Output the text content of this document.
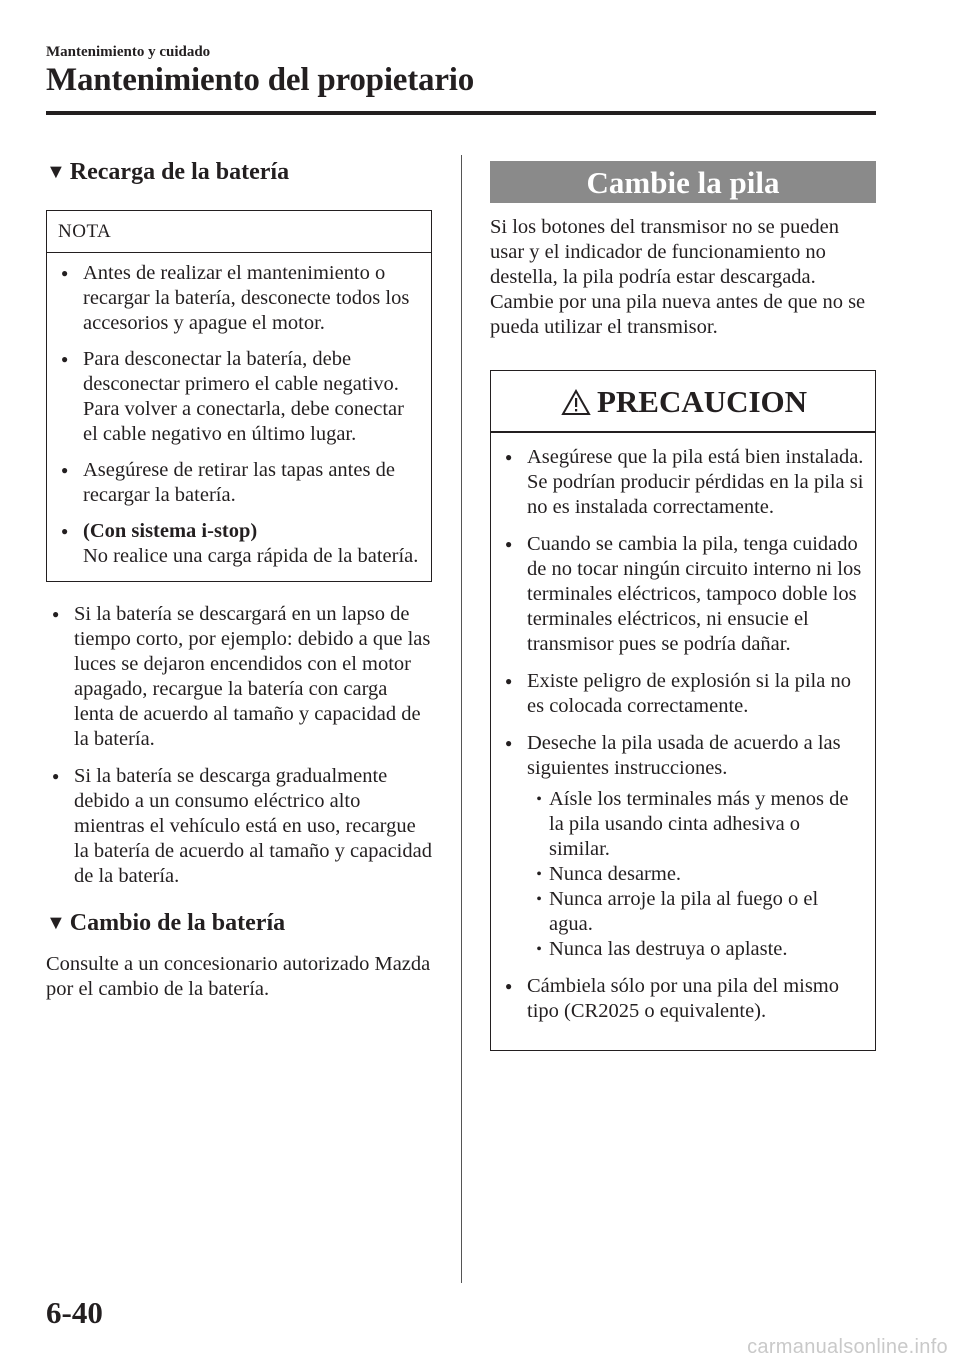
Mantenimiento y cuidado
Mantenimiento del propietario
▼ Recarga de la batería
NOTA
● Antes de realizar el mantenimiento o recargar la batería, desconecte todos los accesorios y apague el motor.
● Para desconectar la batería, debe desconectar primero el cable negativo. Para volver a conectarla, debe conectar el cable negativo en último lugar.
● Asegúrese de retirar las tapas antes de recargar la batería.
● (Con sistema i-stop)
No realice una carga rápida de la batería.
● Si la batería se descargará en un lapso de tiempo corto, por ejemplo: debido a que las luces se dejaron encendidos con el motor apagado, recargue la batería con carga lenta de acuerdo al tamaño y capacidad de la batería.
● Si la batería se descarga gradualmente debido a un consumo eléctrico alto mientras el vehículo está en uso, recargue la batería de acuerdo al tamaño y capacidad de la batería.
▼ Cambio de la batería
Consulte a un concesionario autorizado Mazda por el cambio de la batería.
Cambie la pila
Si los botones del transmisor no se pueden usar y el indicador de funcionamiento no destella, la pila podría estar descargada. Cambie por una pila nueva antes de que no se pueda utilizar el transmisor.
PRECAUCION
● Asegúrese que la pila está bien instalada. Se podrían producir pérdidas en la pila si no es instalada correctamente.
● Cuando se cambia la pila, tenga cuidado de no tocar ningún circuito interno ni los terminales eléctricos, tampoco doble los terminales eléctricos, ni ensucie el transmisor pues se podría dañar.
● Existe peligro de explosión si la pila no es colocada correctamente.
● Deseche la pila usada de acuerdo a las siguientes instrucciones.
• Aísle los terminales más y menos de la pila usando cinta adhesiva o similar.
• Nunca desarme.
• Nunca arroje la pila al fuego o el agua.
• Nunca las destruya o aplaste.
● Cámbiela sólo por una pila del mismo tipo (CR2025 o equivalente).
6-40
carmanualsonline.info
